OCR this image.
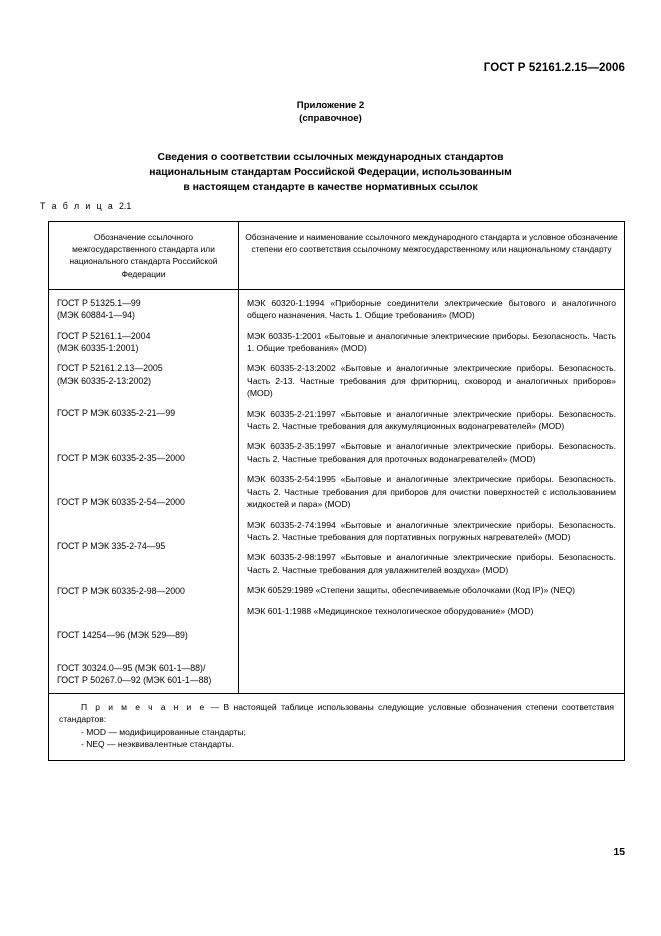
ГОСТ Р 52161.2.15—2006
Приложение 2
(справочное)
Сведения о соответствии ссылочных международных стандартов
национальным стандартам Российской Федерации, использованным
в настоящем стандарте в качестве нормативных ссылок
Т а б л и ц а 2.1
Обозначение ссылочного межгосударственного стандарта или национального стандарта Российской Федерации
Обозначение и наименование ссылочного международного стандарта и условное обозначение степени его соответствия ссылочному межгосударственному или национальному стандарту
ГОСТ Р 51325.1—99
(МЭК 60884-1—94)
ГОСТ Р 52161.1—2004
(МЭК 60335-1:2001)
ГОСТ Р 52161.2.13—2005
(МЭК 60335-2-13:2002)
ГОСТ Р МЭК 60335-2-21—99
ГОСТ Р МЭК 60335-2-35—2000
ГОСТ Р МЭК 60335-2-54—2000
ГОСТ Р МЭК 335-2-74—95
ГОСТ Р МЭК 60335-2-98—2000
ГОСТ 14254—96 (МЭК 529—89)
ГОСТ 30324.0—95 (МЭК 601-1—88)/
ГОСТ Р 50267.0—92 (МЭК 601-1—88)
МЭК 60320-1:1994 «Приборные соединители электрические бытового и аналогичного общего назначения. Часть 1. Общие требования» (MOD)
МЭК 60335-1:2001 «Бытовые и аналогичные электрические приборы. Безопасность. Часть 1. Общие требования» (MOD)
МЭК 60335-2-13:2002 «Бытовые и аналогичные электрические приборы. Безопасность. Часть 2-13. Частные требования для фритюрниц, сковород и аналогичных приборов» (MOD)
МЭК 60335-2-21:1997 «Бытовые и аналогичные электрические приборы. Безопасность. Часть 2. Частные требования для аккумуляционных водонагревателей» (MOD)
МЭК 60335-2-35:1997 «Бытовые и аналогичные электрические приборы. Безопасность. Часть 2. Частные требования для проточных водонагревателей» (MOD)
МЭК 60335-2-54:1995 «Бытовые и аналогичные электрические приборы. Безопасность. Часть 2. Частные требования для приборов для очистки поверхностей с использованием жидкостей и пара» (MOD)
МЭК 60335-2-74:1994 «Бытовые и аналогичные электрические приборы. Безопасность. Часть 2. Частные требования для портативных погружных нагревателей» (MOD)
МЭК 60335-2-98:1997 «Бытовые и аналогичные электрические приборы. Безопасность. Часть 2. Частные требования для увлажнителей воздуха» (MOD)
МЭК 60529:1989 «Степени защиты, обеспечиваемые оболочками (Код IP)» (NEQ)
МЭК 601-1:1988 «Медицинское технологическое оборудование» (MOD)
П р и м е ч а н и е — В настоящей таблице использованы следующие условные обозначения степени соответствия стандартов:
- MOD — модифицированные стандарты;
- NEQ — неэквивалентные стандарты.
15
